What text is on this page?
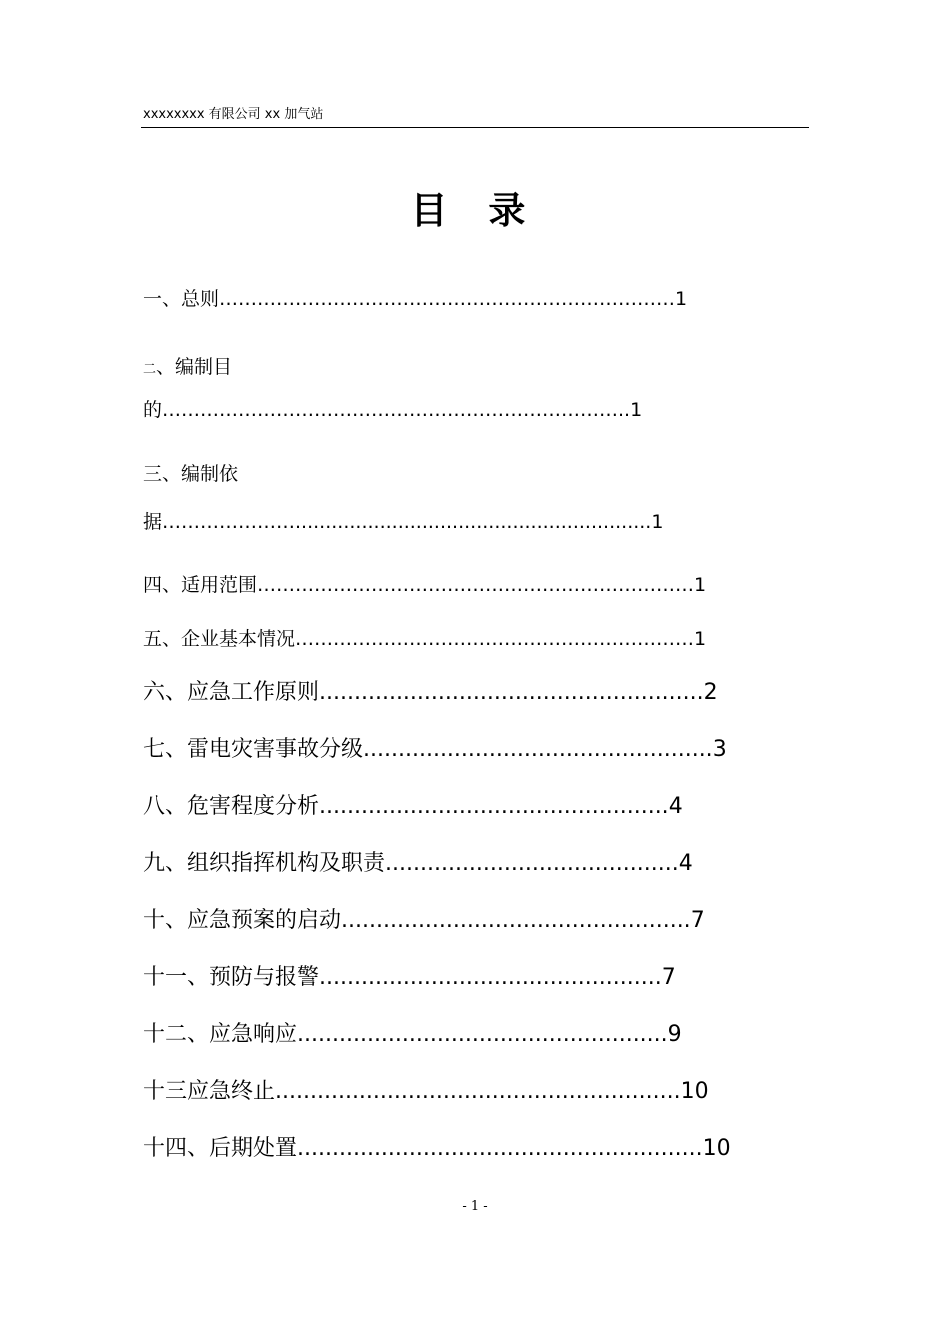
xxxxxxxx 有限公司 xx 加气站
目 录
一、总则………………………………………………………………1
二、编制目
的………………………………………………………………..1
三、编制依
据…………………...........................................................1
四、适用范围……………………………………………………………1
五、企业基本情况………………………………………………………1
六、应急工作原则.......................................................2
七、雷电灾害事故分级..................................................3
八、危害程度分析..................................................4
九、组织指挥机构及职责..........................................4
十、应急预案的启动..................................................7
十一、预防与报警.................................................7
十二、应急响应.....................................................9
十三应急终止..........................................................10
十四、后期处置..........................................................10
- 1 -
